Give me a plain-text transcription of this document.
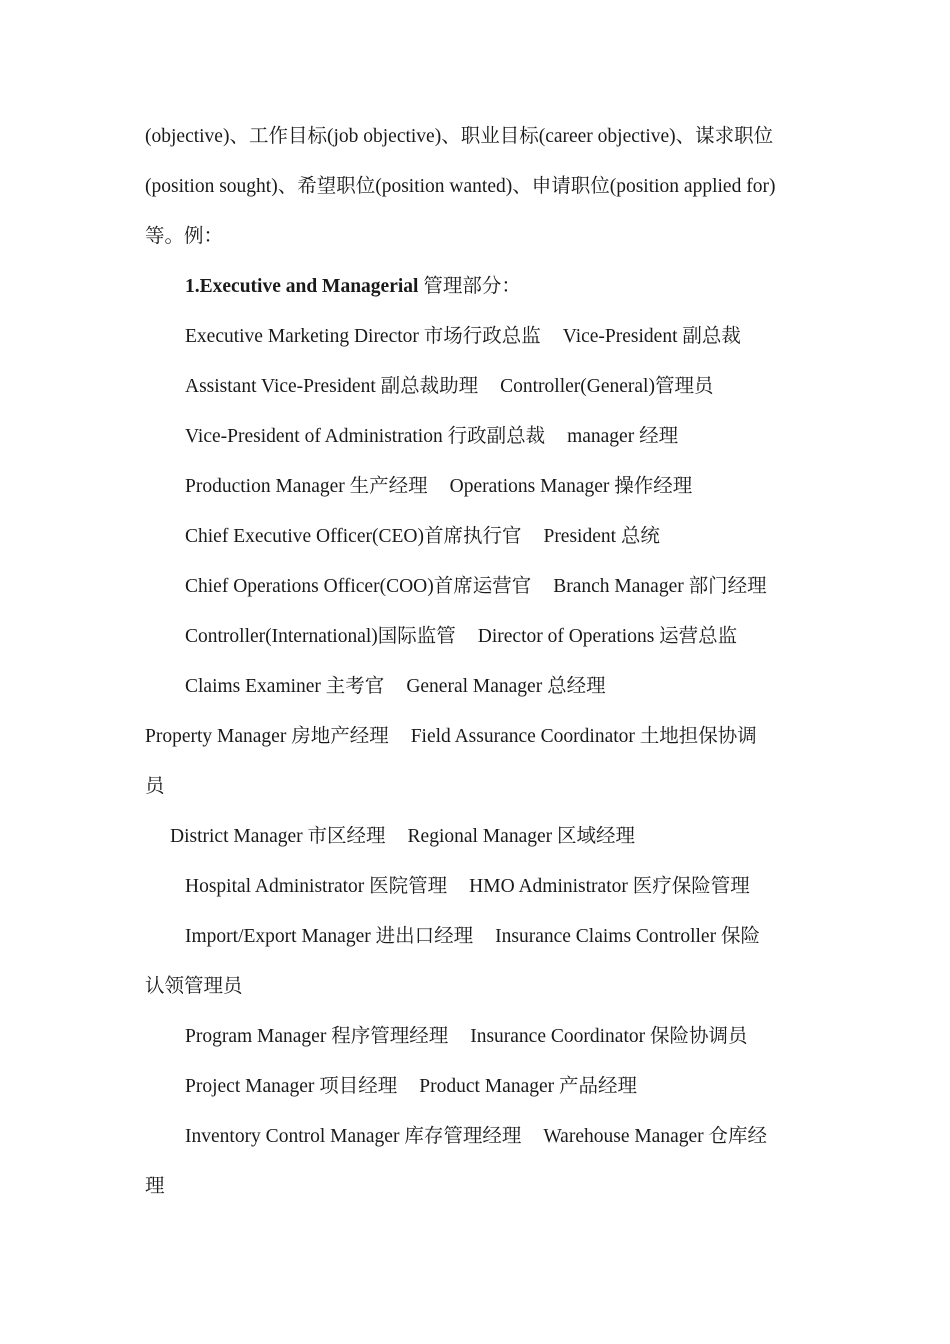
(objective)、工作目标(job objective)、职业目标(career objective)、谋求职位
(position sought)、希望职位(position wanted)、申请职位(position applied for)
等。例：
1.Executive and Managerial 管理部分：
Executive Marketing Director 市场行政总监 Vice-President 副总裁
Assistant Vice-President 副总裁助理 Controller(General)管理员
Vice-President of Administration 行政副总裁 manager 经理
Production Manager 生产经理 Operations Manager 操作经理
Chief Executive Officer(CEO)首席执行官 President 总统
Chief Operations Officer(COO)首席运营官 Branch Manager 部门经理
Controller(International)国际监管 Director of Operations 运营总监
Claims Examiner 主考官 General Manager 总经理
Property Manager 房地产经理 Field Assurance Coordinator 土地担保协调
员
District Manager 市区经理 Regional Manager 区域经理
Hospital Administrator 医院管理 HMO Administrator 医疗保险管理
Import/Export Manager 进出口经理 Insurance Claims Controller 保险
认领管理员
Program Manager 程序管理经理 Insurance Coordinator 保险协调员
Project Manager 项目经理 Product Manager 产品经理
Inventory Control Manager 库存管理经理 Warehouse Manager 仓库经
理
